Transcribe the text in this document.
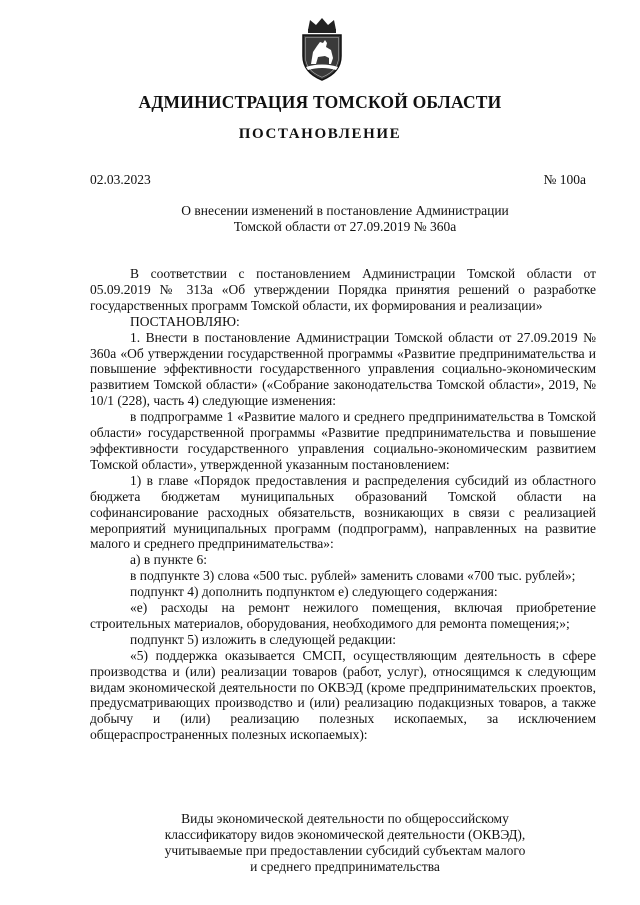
АДМИНИСТРАЦИЯ ТОМСКОЙ ОБЛАСТИ
ПОСТАНОВЛЕНИЕ
02.03.2023	№ 100а
О внесении изменений в постановление Администрации
Томской области от 27.09.2019 № 360а

В соответствии с постановлением Администрации Томской области от 05.09.2019 № 313а «Об утверждении Порядка принятия решений о разработке государственных программ Томской области, их формирования и реализации»

ПОСТАНОВЛЯЮ:

1. Внести в постановление Администрации Томской области от 27.09.2019 № 360а «Об утверждении государственной программы «Развитие предпринимательства и повышение эффективности государственного управления социально-экономическим развитием Томской области» («Собрание законодательства Томской области», 2019, № 10/1 (228), часть 4) следующие изменения:

в подпрограмме 1 «Развитие малого и среднего предпринимательства в Томской области» государственной программы «Развитие предпринимательства и повышение эффективности государственного управления социально-экономическим развитием Томской области», утвержденной указанным постановлением:

1) в главе «Порядок предоставления и распределения субсидий из областного бюджета бюджетам муниципальных образований Томской области на софинансирование расходных обязательств, возникающих в связи с реализацией мероприятий муниципальных программ (подпрограмм), направленных на развитие малого и среднего предпринимательства»:

а) в пункте 6:

в подпункте 3) слова «500 тыс. рублей» заменить словами «700 тыс. рублей»;

подпункт 4) дополнить подпунктом е) следующего содержания:

«е) расходы на ремонт нежилого помещения, включая приобретение строительных материалов, оборудования, необходимого для ремонта помещения;»;

подпункт 5) изложить в следующей редакции:

«5) поддержка оказывается СМСП, осуществляющим деятельность в сфере производства и (или) реализации товаров (работ, услуг), относящимся к следующим видам экономической деятельности по ОКВЭД (кроме предпринимательских проектов, предусматривающих производство и (или) реализацию подакцизных товаров, а также добычу и (или) реализацию полезных ископаемых, за исключением общераспространенных полезных ископаемых):

Виды экономической деятельности по общероссийскому
классификатору видов экономической деятельности (ОКВЭД),
учитываемые при предоставлении субсидий субъектам малого
и среднего предпринимательства
